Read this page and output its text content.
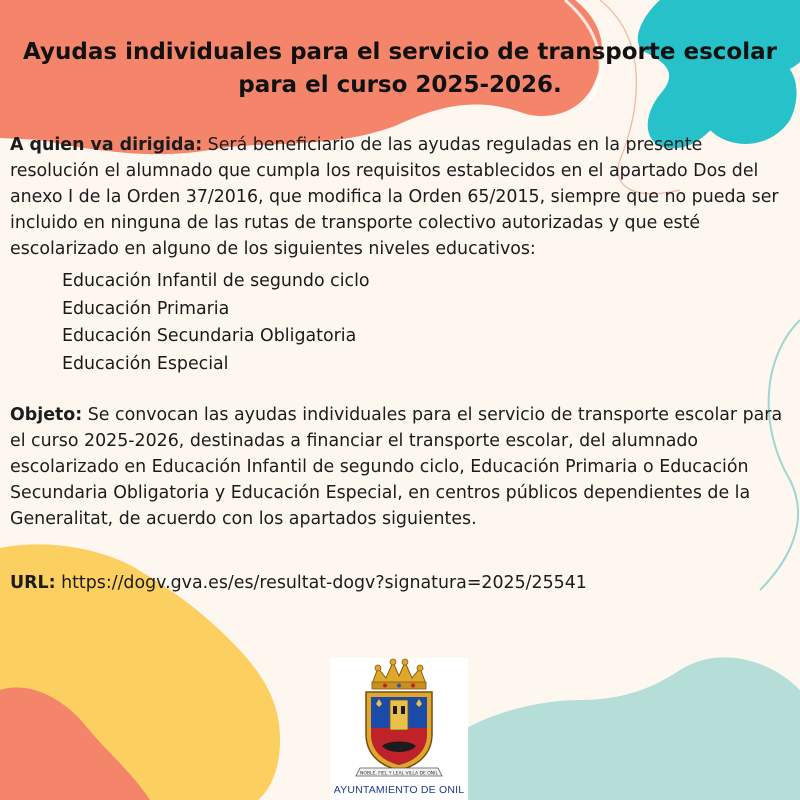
Ayudas individuales para el servicio de transporte escolar
para el curso 2025-2026.
A quien va dirigida: Será beneficiario de las ayudas reguladas en la presente resolución el alumnado que cumpla los requisitos establecidos en el apartado Dos del anexo I de la Orden 37/2016, que modifica la Orden 65/2015, siempre que no pueda ser incluido en ninguna de las rutas de transporte colectivo autorizadas y que esté escolarizado en alguno de los siguientes niveles educativos:
Educación Infantil de segundo ciclo
Educación Primaria
Educación Secundaria Obligatoria
Educación Especial
Objeto: Se convocan las ayudas individuales para el servicio de transporte escolar para el curso 2025-2026, destinadas a financiar el transporte escolar, del alumnado escolarizado en Educación Infantil de segundo ciclo, Educación Primaria o Educación Secundaria Obligatoria y Educación Especial, en centros públicos dependientes de la Generalitat, de acuerdo con los apartados siguientes.
URL: https://dogv.gva.es/es/resultat-dogv?signatura=2025/25541
NOBLE, FIEL Y LEAL VILLA DE ONIL
AYUNTAMIENTO DE ONIL
